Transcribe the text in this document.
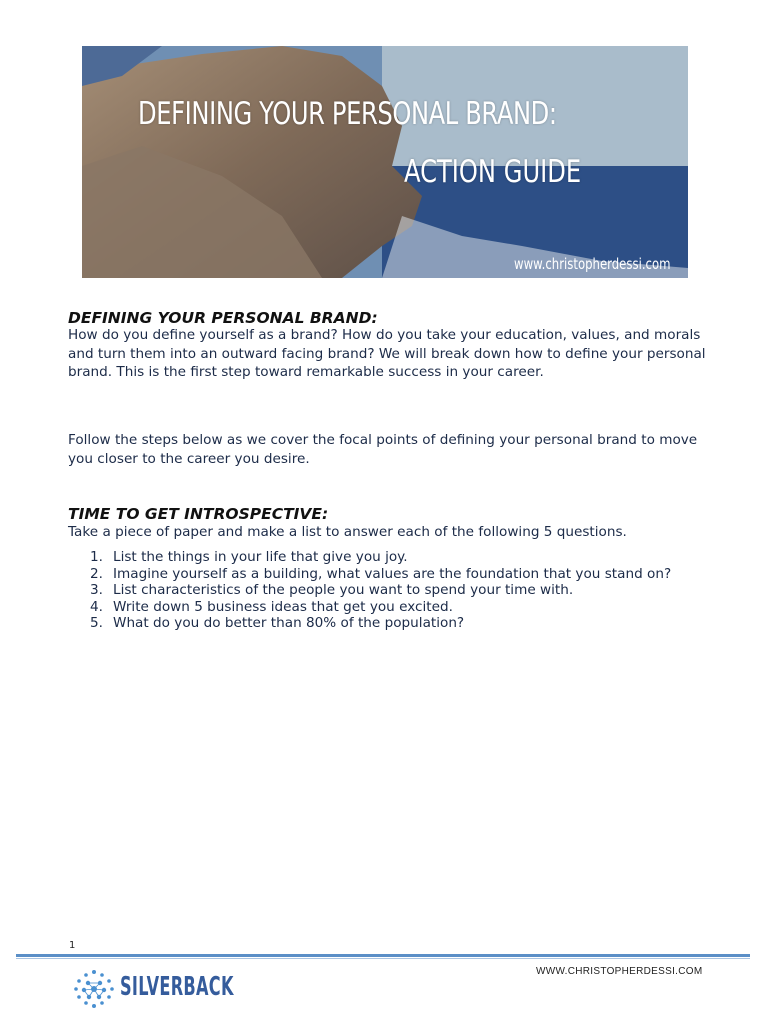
DEFINING YOUR PERSONAL BRAND:
ACTION GUIDE
www.christopherdessi.com
DEFINING YOUR PERSONAL BRAND:

How do you define yourself as a brand? How do you take your education, values, and morals and turn them into an outward facing brand? We will break down how to define your personal brand. This is the first step toward remarkable success in your career.

Follow the steps below as we cover the focal points of defining your personal brand to move you closer to the career you desire.

TIME TO GET INTROSPECTIVE:

Take a piece of paper and make a list to answer each of the following 5 questions.

1. List the things in your life that give you joy.
2. Imagine yourself as a building, what values are the foundation that you stand on?
3. List characteristics of the people you want to spend your time with.
4. Write down 5 business ideas that get you excited.
5. What do you do better than 80% of the population?
1
WWW.CHRISTOPHERDESSI.COM
SILVERBACK
